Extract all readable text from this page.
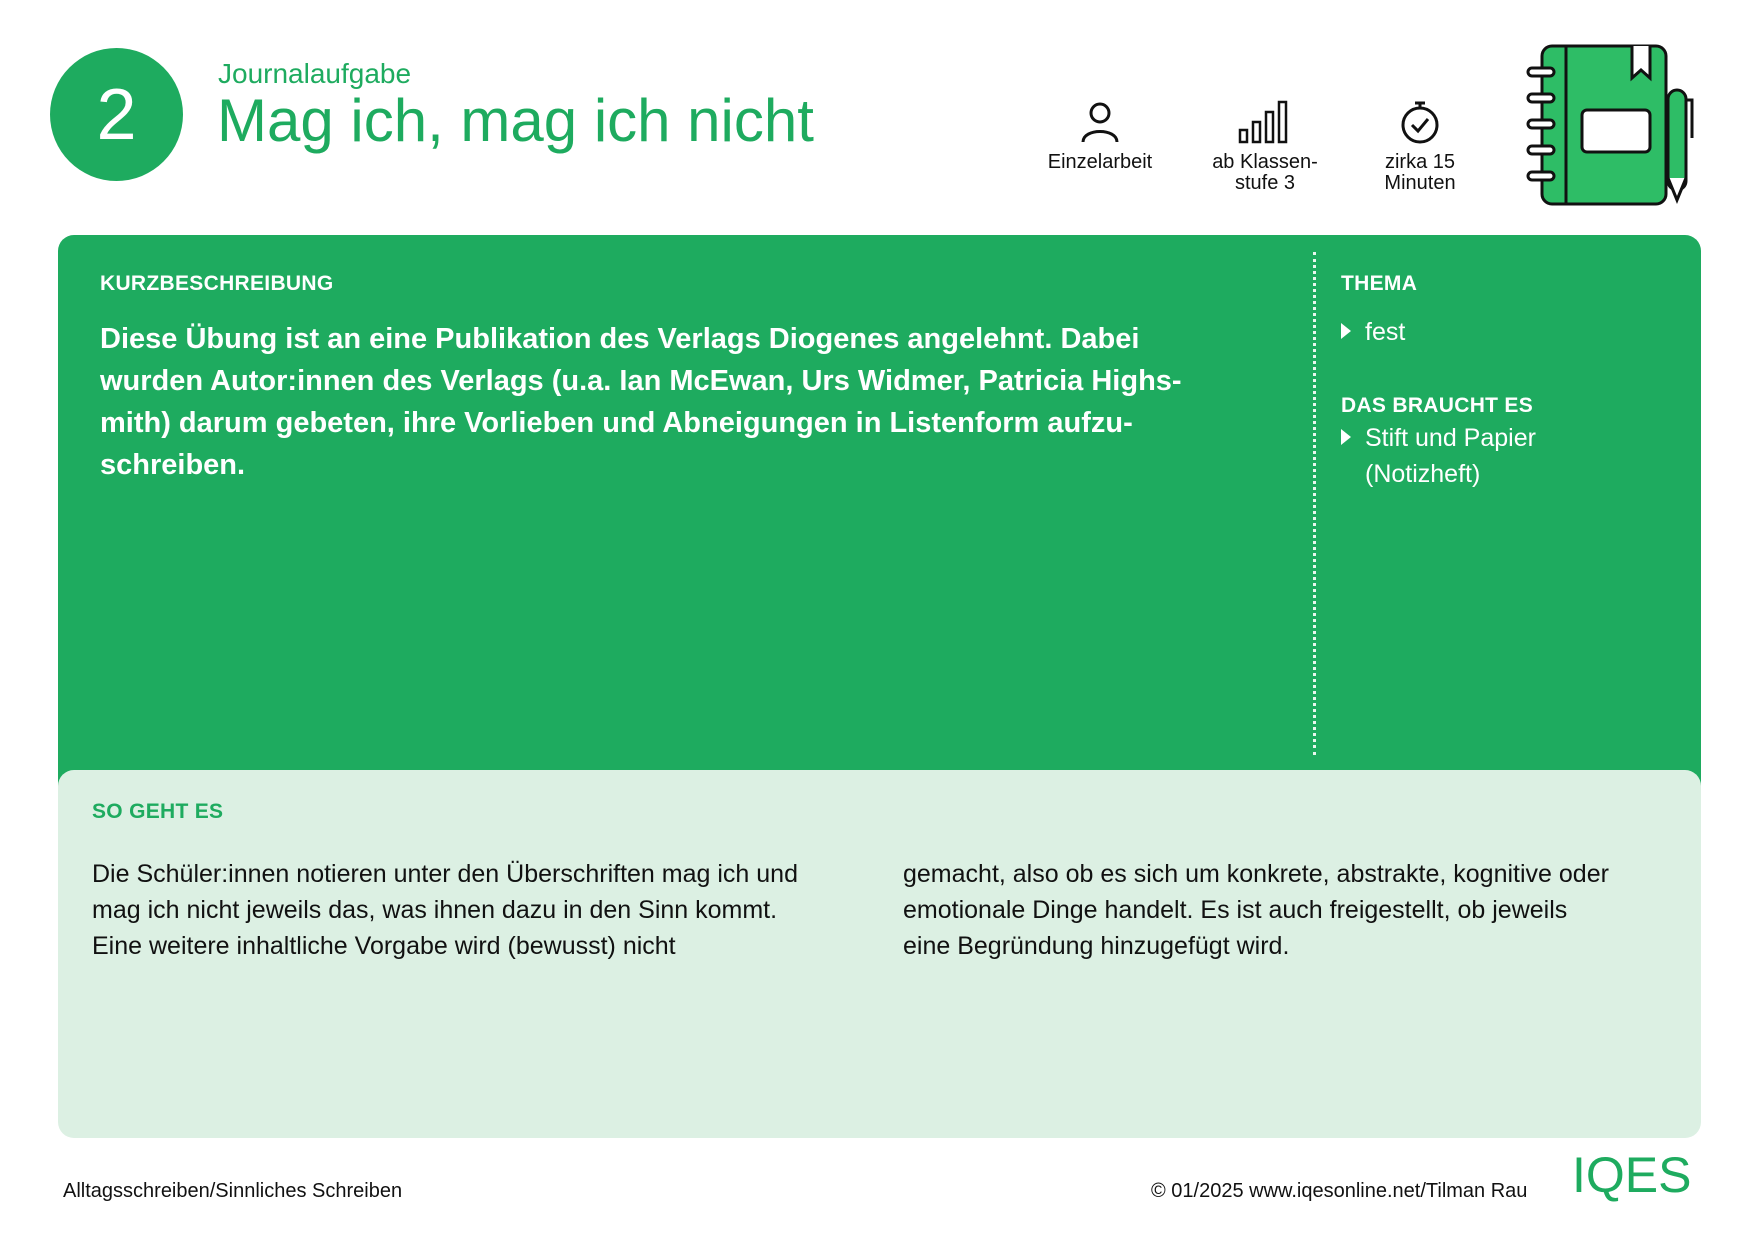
2
Journalaufgabe
Mag ich, mag ich nicht
Einzelarbeit	ab Klassen-
stufe 3
zirka 15
Minuten
KURZBESCHREIBUNG
Diese Übung ist an eine Publikation des Verlags Diogenes angelehnt. Dabei
wurden Autor:innen des Verlags (u.a. Ian McEwan, Urs Widmer, Patricia Highs-
mith) darum gebeten, ihre Vorlieben und Abneigungen in Listenform aufzu-
schreiben.
THEMA
fest
DAS BRAUCHT ES
Stift und Papier
(Notizheft)
SO GEHT ES
Die Schüler:innen notieren unter den Überschriften mag ich und
mag ich nicht jeweils das, was ihnen dazu in den Sinn kommt.
Eine weitere inhaltliche Vorgabe wird (bewusst) nicht
gemacht, also ob es sich um konkrete, abstrakte, kognitive oder
emotionale Dinge handelt. Es ist auch freigestellt, ob jeweils
eine Begründung hinzugefügt wird.
Alltagsschreiben/Sinnliches Schreiben	© 01/2025 www.iqesonline.net/Tilman Rau IQES
